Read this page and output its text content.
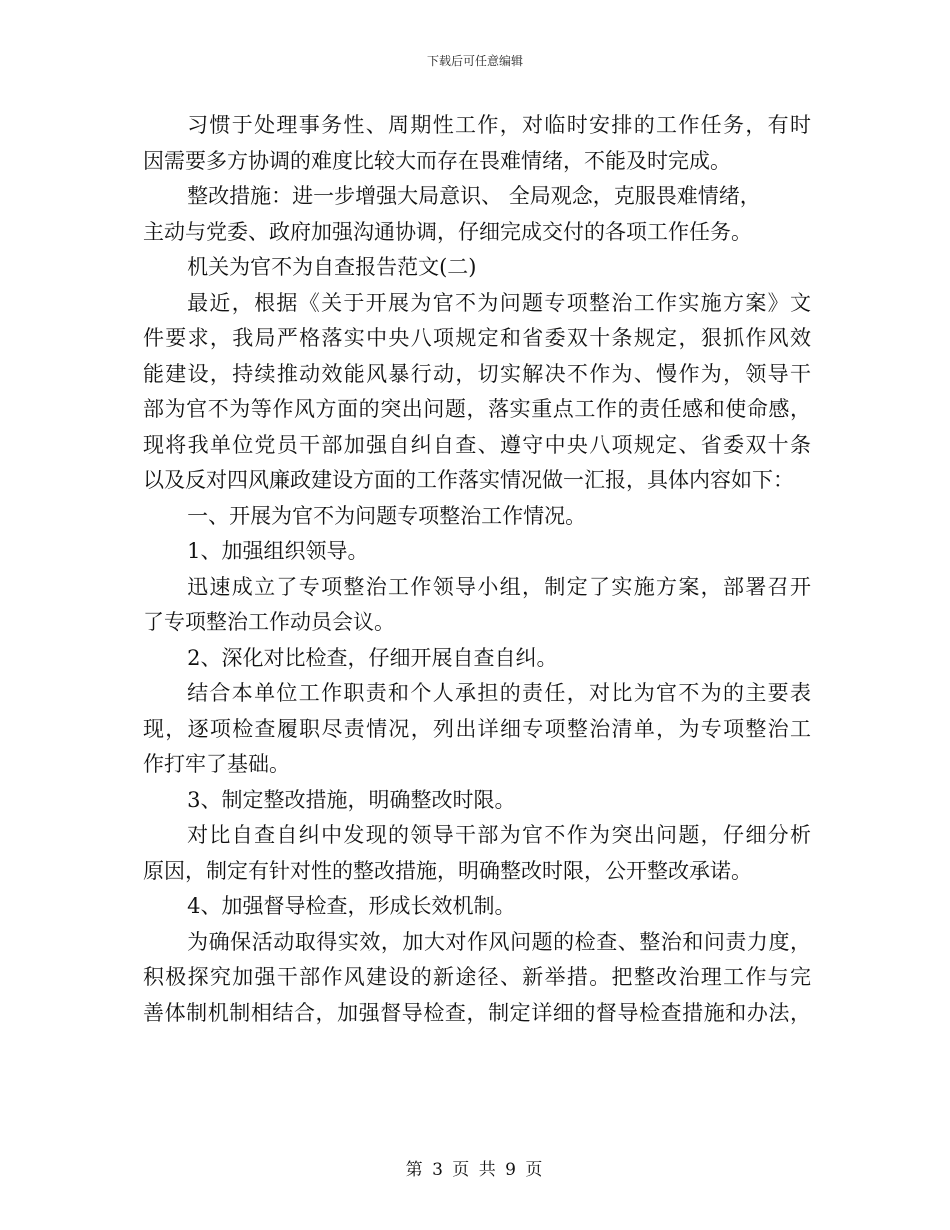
下载后可任意编辑

习惯于处理事务性、周期性工作，对临时安排的工作任务，有时
因需要多方协调的难度比较大而存在畏难情绪，不能及时完成。

整改措施：进一步增强大局意识、 全局观念，克服畏难情绪，
主动与党委、政府加强沟通协调，仔细完成交付的各项工作任务。

机关为官不为自查报告范文(二)

最近，根据《关于开展为官不为问题专项整治工作实施方案》文
件要求，我局严格落实中央八项规定和省委双十条规定，狠抓作风效
能建设，持续推动效能风暴行动，切实解决不作为、慢作为，领导干
部为官不为等作风方面的突出问题，落实重点工作的责任感和使命感，
现将我单位党员干部加强自纠自查、遵守中央八项规定、省委双十条
以及反对四风廉政建设方面的工作落实情况做一汇报，具体内容如下：

一、开展为官不为问题专项整治工作情况。

1、加强组织领导。

迅速成立了专项整治工作领导小组，制定了实施方案，部署召开
了专项整治工作动员会议。

2、深化对比检查，仔细开展自查自纠。

结合本单位工作职责和个人承担的责任，对比为官不为的主要表
现，逐项检查履职尽责情况，列出详细专项整治清单，为专项整治工
作打牢了基础。

3、制定整改措施，明确整改时限。

对比自查自纠中发现的领导干部为官不作为突出问题，仔细分析
原因，制定有针对性的整改措施，明确整改时限，公开整改承诺。

4、加强督导检查，形成长效机制。

为确保活动取得实效，加大对作风问题的检查、整治和问责力度，
积极探究加强干部作风建设的新途径、新举措。把整改治理工作与完
善体制机制相结合，加强督导检查，制定详细的督导检查措施和办法，

第 3 页 共 9 页
